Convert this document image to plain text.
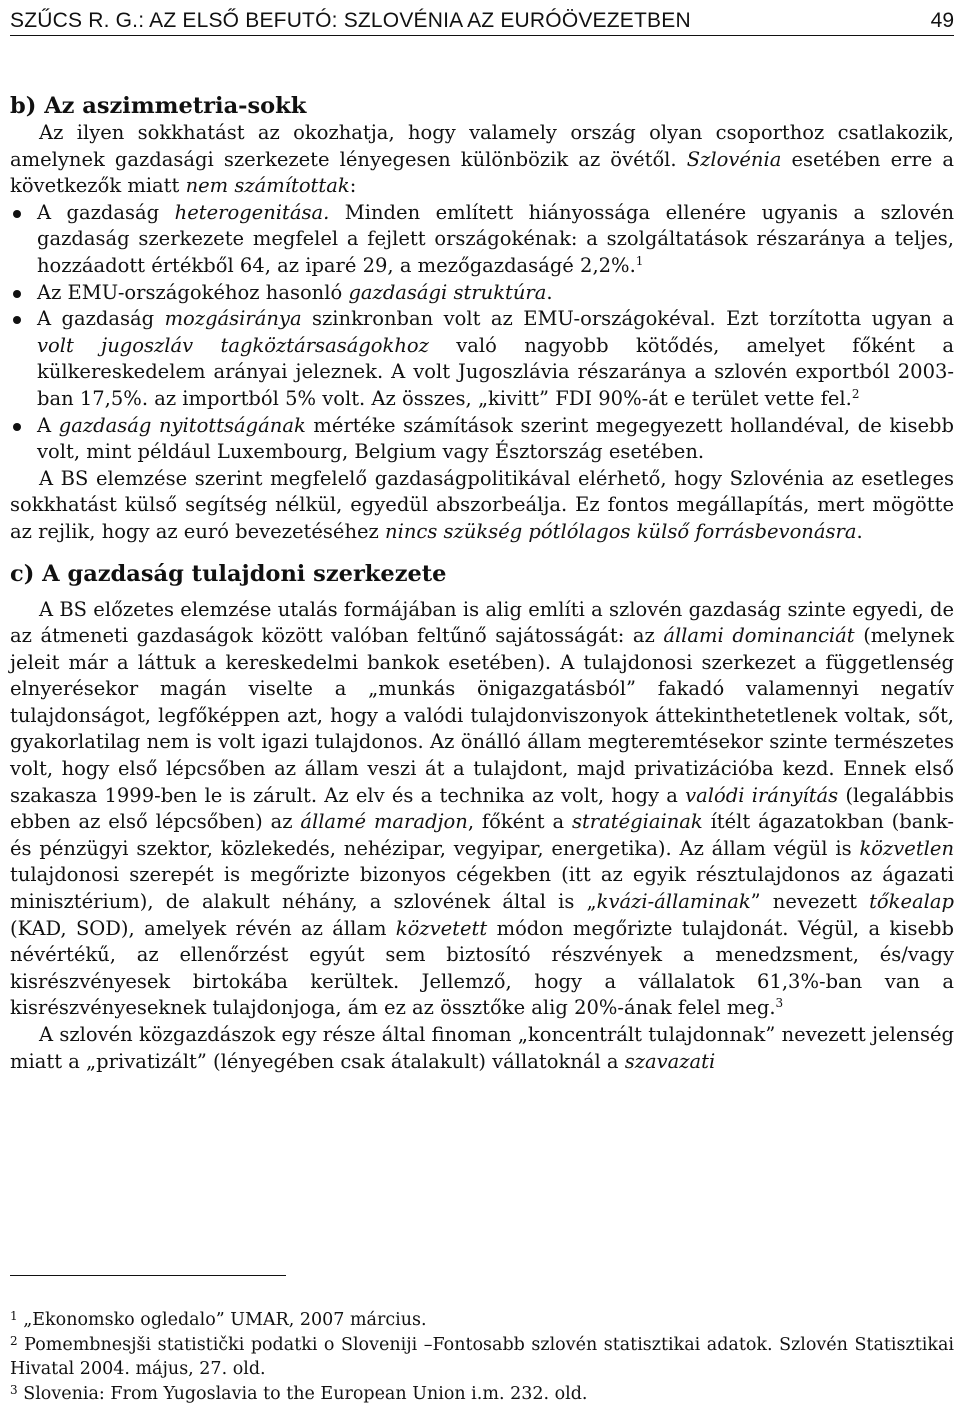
SZŰCS R. G.: AZ ELSŐ BEFUTÓ: SZLOVÉNIA AZ EURÓÖVEZETBEN	49
b) Az aszimmetria-sokk

Az ilyen sokkhatást az okozhatja, hogy valamely ország olyan csoporthoz csatlakozik, amelynek gazdasági szerkezete lényegesen különbözik az övétől. Szlovénia esetében erre a következők miatt nem számítottak:

A gazdaság heterogenitása. Minden említett hiányossága ellenére ugyanis a szlovén gazdaság szerkezete megfelel a fejlett országokénak: a szolgáltatások részaránya a teljes, hozzáadott értékből 64, az iparé 29, a mezőgazdaságé 2,2%.$^1$
Az EMU-országokéhoz hasonló gazdasági struktúra.
A gazdaság mozgásiránya szinkronban volt az EMU-országokéval. Ezt torzította ugyan a volt jugoszláv tagköztársaságokhoz való nagyobb kötődés, amelyet főként a külkereskedelem arányai jeleznek. A volt Jugoszlávia részaránya a szlovén exportból 2003-ban 17,5%. az importból 5% volt. Az összes, „kivitt” FDI 90%-át e terület vette fel.$^2$
A gazdaság nyitottságának mértéke számítások szerint megegyezett hollandéval, de kisebb volt, mint például Luxembourg, Belgium vagy Észtország esetében.

A BS elemzése szerint megfelelő gazdaságpolitikával elérhető, hogy Szlovénia az esetleges sokkhatást külső segítség nélkül, egyedül abszorbeálja. Ez fontos megállapítás, mert mögötte az rejlik, hogy az euró bevezetéséhez nincs szükség pótlólagos külső forrásbevonásra.

c) A gazdaság tulajdoni szerkezete

A BS előzetes elemzése utalás formájában is alig említi a szlovén gazdaság szinte egyedi, de az átmeneti gazdaságok között valóban feltűnő sajátosságát: az állami dominanciát (melynek jeleit már a láttuk a kereskedelmi bankok esetében). A tulajdonosi szerkezet a függetlenség elnyerésekor magán viselte a „munkás önigazgatásból” fakadó valamennyi negatív tulajdonságot, legfőképpen azt, hogy a valódi tulajdonviszonyok áttekinthetetlenek voltak, sőt, gyakorlatilag nem is volt igazi tulajdonos. Az önálló állam megteremtésekor szinte természetes volt, hogy első lépcsőben az állam veszi át a tulajdont, majd privatizációba kezd. Ennek első szakasza 1999-ben le is zárult. Az elv és a technika az volt, hogy a valódi irányítás (legalábbis ebben az első lépcsőben) az államé maradjon, főként a stratégiainak ítélt ágazatokban (bank- és pénzügyi szektor, közlekedés, nehézipar, vegyipar, energetika). Az állam végül is közvetlen tulajdonosi szerepét is megőrizte bizonyos cégekben (itt az egyik résztulajdonos az ágazati minisztérium), de alakult néhány, a szlovének által is „kvázi-államinak” nevezett tőkealap (KAD, SOD), amelyek révén az állam közvetett módon megőrizte tulajdonát. Végül, a kisebb névértékű, az ellenőrzést egyút sem biztosító részvények a menedzsment, és/vagy kisrészvényesek birtokába kerültek. Jellemző, hogy a vállalatok 61,3%-ban van a kisrészvényeseknek tulajdonjoga, ám ez az össztőke alig 20%-ának felel meg.$^3$

A szlovén közgazdászok egy része által finoman „koncentrált tulajdonnak” nevezett jelenség miatt a „privatizált” (lényegében csak átalakult) vállatoknál a szavazati

$^1$ „Ekonomsko ogledalo” UMAR, 2007 március.

$^2$ Pomembnesjši statistički podatki o Sloveniji –Fontosabb szlovén statisztikai adatok. Szlovén Statisztikai Hivatal 2004. május, 27. old.

$^3$ Slovenia: From Yugoslavia to the European Union i.m. 232. old.
